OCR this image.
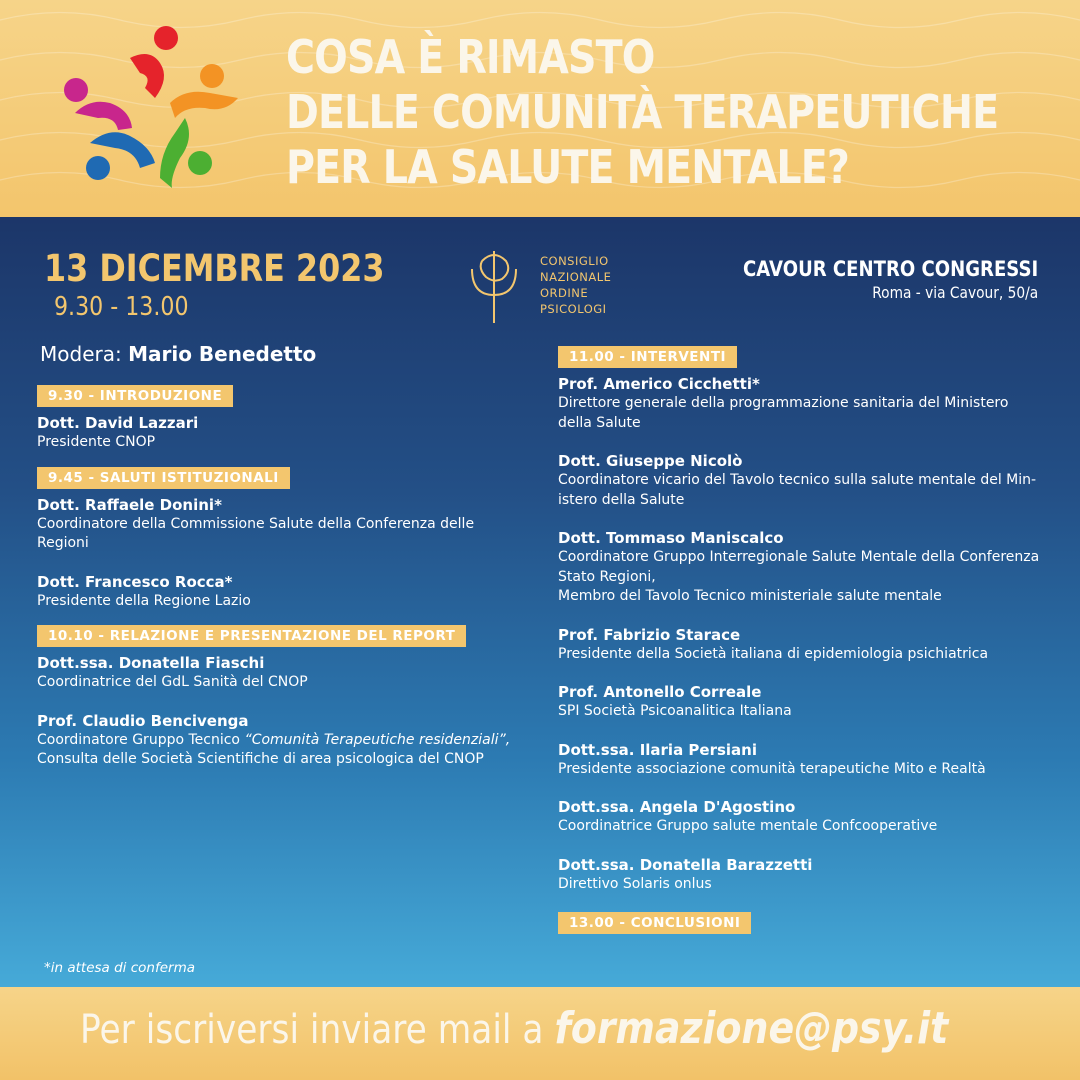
COSA È RIMASTO
DELLE COMUNITÀ TERAPEUTICHE
PER LA SALUTE MENTALE?
13 DICEMBRE 2023
9.30 - 13.00
CONSIGLIO
NAZIONALE
ORDINE
PSICOLOGI
CAVOUR CENTRO CONGRESSI
Roma - via Cavour, 50/a
Modera: Mario Benedetto
9.30 - INTRODUZIONE
Dott. David Lazzari
Presidente CNOP
9.45 - SALUTI ISTITUZIONALI
Dott. Raffaele Donini*
Coordinatore della Commissione Salute della Conferenza delle
Regioni
Dott. Francesco Rocca*
Presidente della Regione Lazio
10.10 - RELAZIONE E PRESENTAZIONE DEL REPORT
Dott.ssa. Donatella Fiaschi
Coordinatrice del GdL Sanità del CNOP
Prof. Claudio Bencivenga
Coordinatore Gruppo Tecnico “Comunità Terapeutiche residenziali”,
Consulta delle Società Scientifiche di area psicologica del CNOP
11.00 - INTERVENTI
Prof. Americo Cicchetti*
Direttore generale della programmazione sanitaria del Ministero
della Salute
Dott. Giuseppe Nicolò
Coordinatore vicario del Tavolo tecnico sulla salute mentale del Min-
istero della Salute
Dott. Tommaso Maniscalco
Coordinatore Gruppo Interregionale Salute Mentale della Conferenza
Stato Regioni,
Membro del Tavolo Tecnico ministeriale salute mentale
Prof. Fabrizio Starace
Presidente della Società italiana di epidemiologia psichiatrica
Prof. Antonello Correale
SPI Società Psicoanalitica Italiana
Dott.ssa. Ilaria Persiani
Presidente associazione comunità terapeutiche Mito e Realtà
Dott.ssa. Angela D'Agostino
Coordinatrice Gruppo salute mentale Confcooperative
Dott.ssa. Donatella Barazzetti
Direttivo Solaris onlus
13.00 - CONCLUSIONI
*in attesa di conferma
Per iscriversi inviare mail a formazione@psy.it
